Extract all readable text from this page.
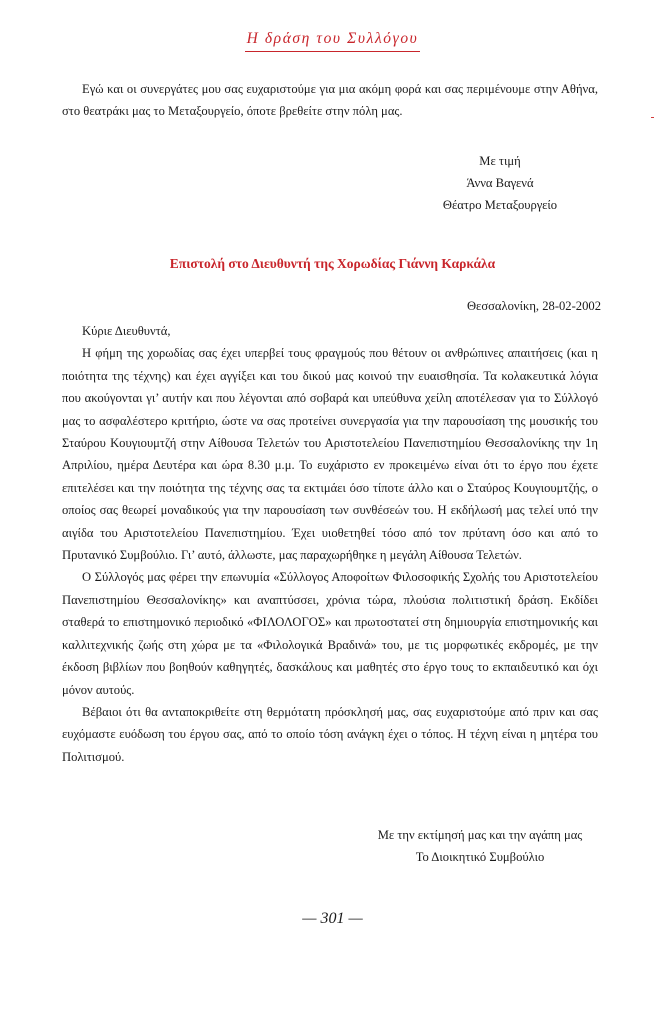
Η δράση του Συλλόγου

Εγώ και οι συνεργάτες μου σας ευχαριστούμε για μια ακόμη φορά και σας περιμένουμε στην Αθήνα, στο θεατράκι μας το Μεταξουργείο, όποτε βρεθείτε στην πόλη μας.

Με τιμή
Άννα Βαγενά
Θέατρο Μεταξουργείο
Επιστολή στο Διευθυντή της Χορωδίας Γιάννη Καρκάλα
Θεσσαλονίκη, 28-02-2002

Κύριε Διευθυντά,

Η φήμη της χορωδίας σας έχει υπερβεί τους φραγμούς που θέτουν οι ανθρώπινες απαιτήσεις (και η ποιότητα της τέχνης) και έχει αγγίξει και του δικού μας κοινού την ευαισθησία. Τα κολακευτικά λόγια που ακούγονται γι’ αυτήν και που λέγονται από σοβαρά και υπεύθυνα χείλη αποτέλεσαν για το Σύλλογό μας το ασφαλέστερο κριτήριο, ώστε να σας προτείνει συνεργασία για την παρουσίαση της μουσικής του Σταύρου Κουγιουμτζή στην Αίθουσα Τελετών του Αριστοτελείου Πανεπιστημίου Θεσσαλονίκης την 1η Απριλίου, ημέρα Δευτέρα και ώρα 8.30 μ.μ. Το ευχάριστο εν προκειμένω είναι ότι το έργο που έχετε επιτελέσει και την ποιότητα της τέχνης σας τα εκτιμάει όσο τίποτε άλλο και ο Σταύρος Κουγιουμτζής, ο οποίος σας θεωρεί μοναδικούς για την παρουσίαση των συνθέσεών του. Η εκδήλωσή μας τελεί υπό την αιγίδα του Αριστοτελείου Πανεπιστημίου. Έχει υιοθετηθεί τόσο από τον πρύτανη όσο και από το Πρυτανικό Συμβούλιο. Γι’ αυτό, άλλωστε, μας παραχωρήθηκε η μεγάλη Αίθουσα Τελετών.

Ο Σύλλογός μας φέρει την επωνυμία «Σύλλογος Αποφοίτων Φιλοσοφικής Σχολής του Αριστοτελείου Πανεπιστημίου Θεσσαλονίκης» και αναπτύσσει, χρόνια τώρα, πλούσια πολιτιστική δράση. Εκδίδει σταθερά το επιστημονικό περιοδικό «ΦΙΛΟΛΟΓΟΣ» και πρωτοστατεί στη δημιουργία επιστημονικής και καλλιτεχνικής ζωής στη χώρα με τα «Φιλολογικά Βραδινά» του, με τις μορφωτικές εκδρομές, με την έκδοση βιβλίων που βοηθούν καθηγητές, δασκάλους και μαθητές στο έργο τους το εκπαιδευτικό και όχι μόνον αυτούς.

Βέβαιοι ότι θα ανταποκριθείτε στη θερμότατη πρόσκλησή μας, σας ευχαριστούμε από πριν και σας ευχόμαστε ευόδωση του έργου σας, από το οποίο τόση ανάγκη έχει ο τόπος. Η τέχνη είναι η μητέρα του Πολιτισμού.

Με την εκτίμησή μας και την αγάπη μας
Το Διοικητικό Συμβούλιο
— 301 —
